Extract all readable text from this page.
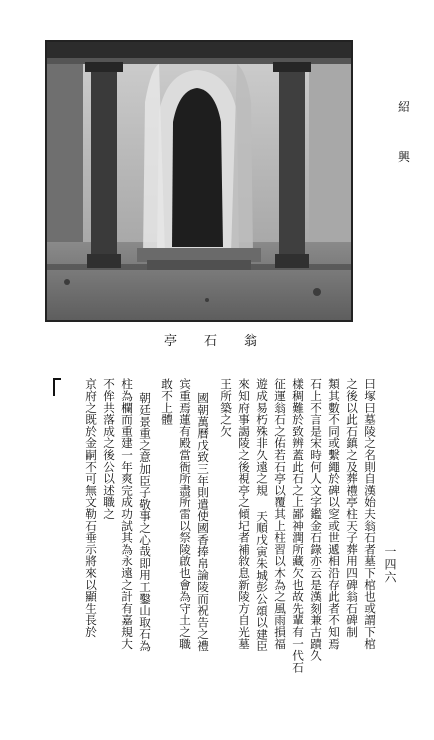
亭 石 翁
紹
興
一四六
曰塚曰墓陵之名則自漢始夫翁石者墓下棺也或謂下棺
之後以此石鎮之及葬禮亭柱天子葬用四碑翁石碑制
類其數不同或繫繩於碑以窆或世遞相沿存此者不知焉
石上不言是宋時何人文字鑑金石錄亦云是漢刻兼古蹟久
樣稠難於致辨蓋此石之上鄙神潤所藏欠也故先輩有一代石
征運翁石之佑若石亭以覆其上柱習以木為之風雨損福
遊成易朽殊非久遠之規 天順戊寅朱城彭公頌以建臣
來知府事謁陵之後視亭之傾圮者補敘息新陵方自光墓
王所築之欠
國朝萬曆戊致三年則遣使國香捧帛論陵而祝告之禮
宾重焉蓮有殿當衙所盡所雷以祭陵啟也會為守土之職
敢不上體
朝廷景重之意加臣子敬事之心哉即用工鑿山取石為
柱為欄而重建一年爽完成功試其為永遠之計有嘉規大
不侔共落成之後公以述職之
京府之既於金嗣不可無文勒石垂示將來以顯生長於
